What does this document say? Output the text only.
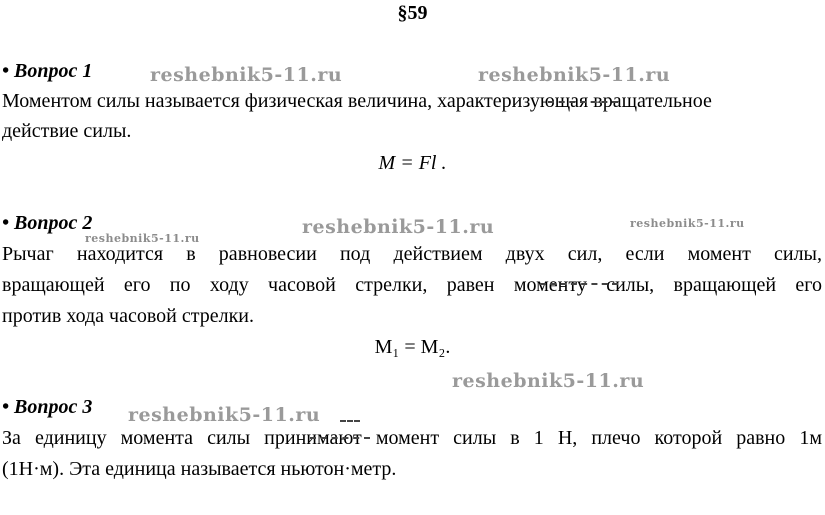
§59
• Вопрос 1
Моментом силы называется физическая величина, характеризующая вращательное
действие силы.
M = Fl .
• Вопрос 2
Рычаг находится в равновесии под действием двух сил, если момент силы,
вращающей его по ходу часовой стрелки, равен моменту силы, вращающей его
против хода часовой стрелки.
M₁ = M₂.
• Вопрос 3
За единицу момента силы принимают момент силы в 1 Н, плечо которой равно 1м
(1Н·м). Эта единица называется ньютон·метр.
reshebnik5-11.ru	reshebnik5-11.ru
reshebnik5-11.ru
reshebnik5-11.ru	reshebnik5-11.ru
reshebnik5-11.ru
reshebnik5-11.ru
